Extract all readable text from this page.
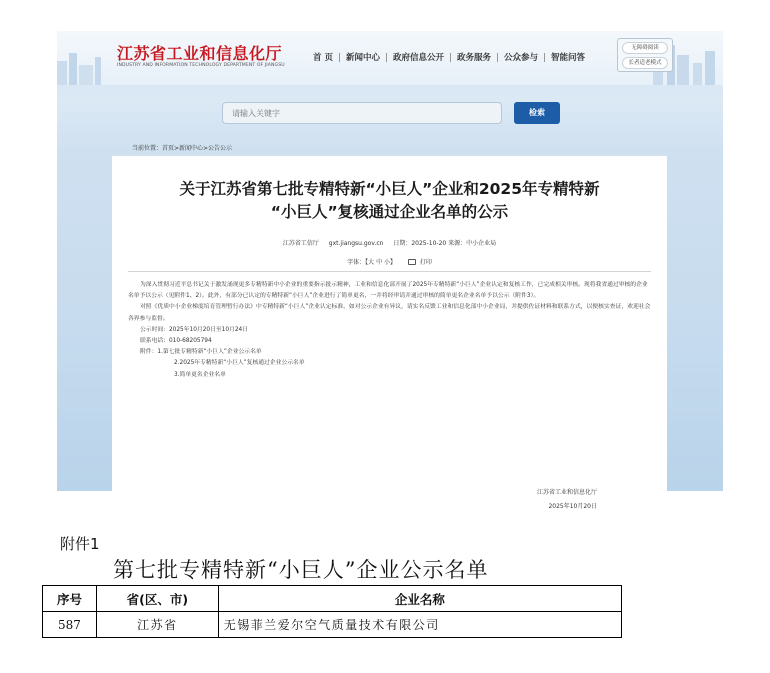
江苏省工业和信息化厅
INDUSTRY AND INFORMATION TECHNOLOGY DEPARTMENT OF JIANGSU
首 页	新闻中心	政府信息公开	政务服务	公众参与	智能问答
无障碍阅读
长者适老模式
请输入关键字
检索
当前位置：首页>新闻中心>公告公示
关于江苏省第七批专精特新“小巨人”企业和2025年专精特新
“小巨人”复核通过企业名单的公示
江苏省工信厅 gxt.jiangsu.gov.cn 日期：2025-10-20 来源：中小企业局
字体：【大 中 小】	打印

为深入贯彻习近平总书记关于激发涌现更多专精特新中小企业的重要指示批示精神，工业和信息化部开展了2025年专精特新“小巨人”企业认定和复核工作，已完成相关审核。现将我省通过审核的企业名单予以公示（见附件1、2）。此外，有部分已认定的专精特新“小巨人”企业进行了简单更名，一并将经审请并通过审核的简单更名企业名单予以公示（附件3）。

对照《优质中小企业梯度培育管理暂行办法》中专精特新“小巨人”企业认定标准，如对公示企业有异议，请实名反馈工业和信息化部中小企业局，并提供佐证材料和联系方式，以便核实查证，欢迎社会各界参与监督。

公示时间：2025年10月20日至10月24日

联系电话：010-68205794

附件：1.第七批专精特新“小巨人”企业公示名单

2.2025年专精特新“小巨人”复核通过企业公示名单

3.简单更名企业名单

江苏省工业和信息化厅
2025年10月20日
附件1
第七批专精特新“小巨人”企业公示名单
序号	省(区、市)	企业名称
587	江苏省	无锡菲兰爱尔空气质量技术有限公司
